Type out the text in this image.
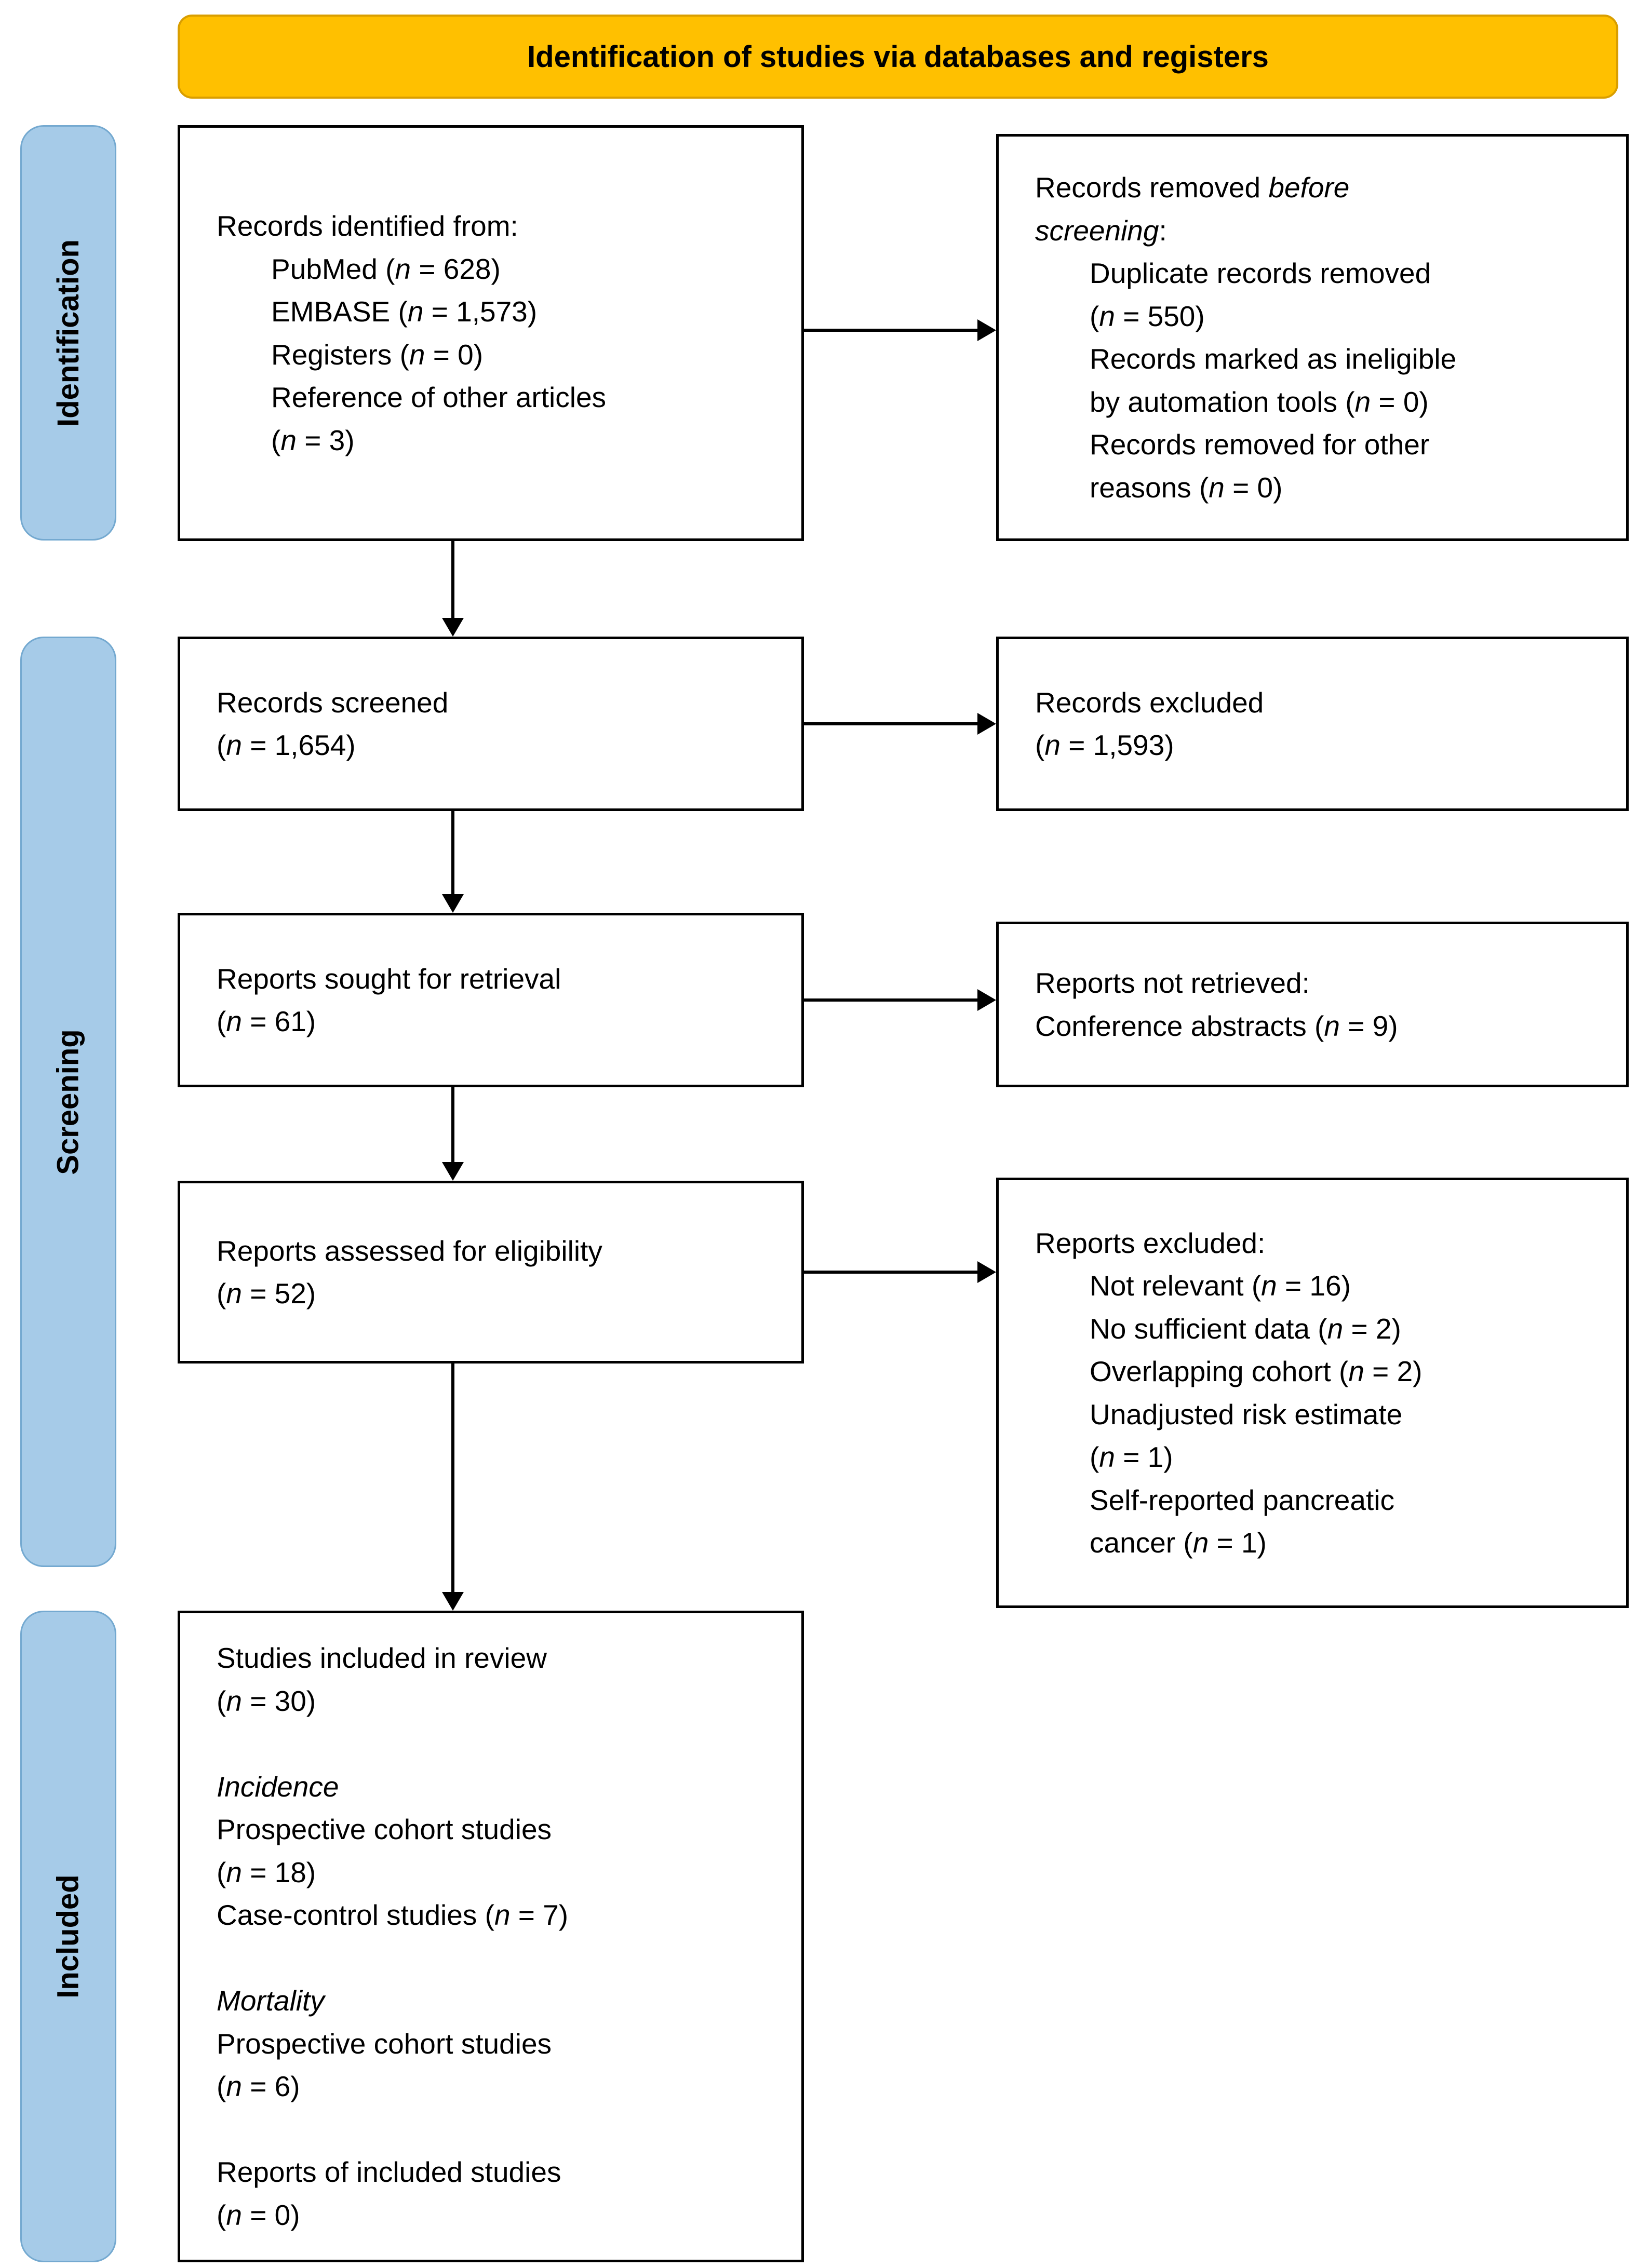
Identification of studies via databases and registers
Identification
Screening
Included
Records identified from:
PubMed (n = 628)
EMBASE (n = 1,573)
Registers (n = 0)
Reference of other articles
(n = 3)
Records removed before
screening:
Duplicate records removed
(n = 550)
Records marked as ineligible
by automation tools (n = 0)
Records removed for other
reasons (n = 0)
Records screened
(n = 1,654)
Records excluded
(n = 1,593)
Reports sought for retrieval
(n = 61)
Reports not retrieved:
Conference abstracts (n = 9)
Reports assessed for eligibility
(n = 52)
Reports excluded:
Not relevant (n = 16)
No sufficient data (n = 2)
Overlapping cohort (n = 2)
Unadjusted risk estimate
(n = 1)
Self-reported pancreatic
cancer (n = 1)
Studies included in review
(n = 30)
Incidence
Prospective cohort studies
(n = 18)
Case-control studies (n = 7)
Mortality
Prospective cohort studies
(n = 6)
Reports of included studies
(n = 0)
